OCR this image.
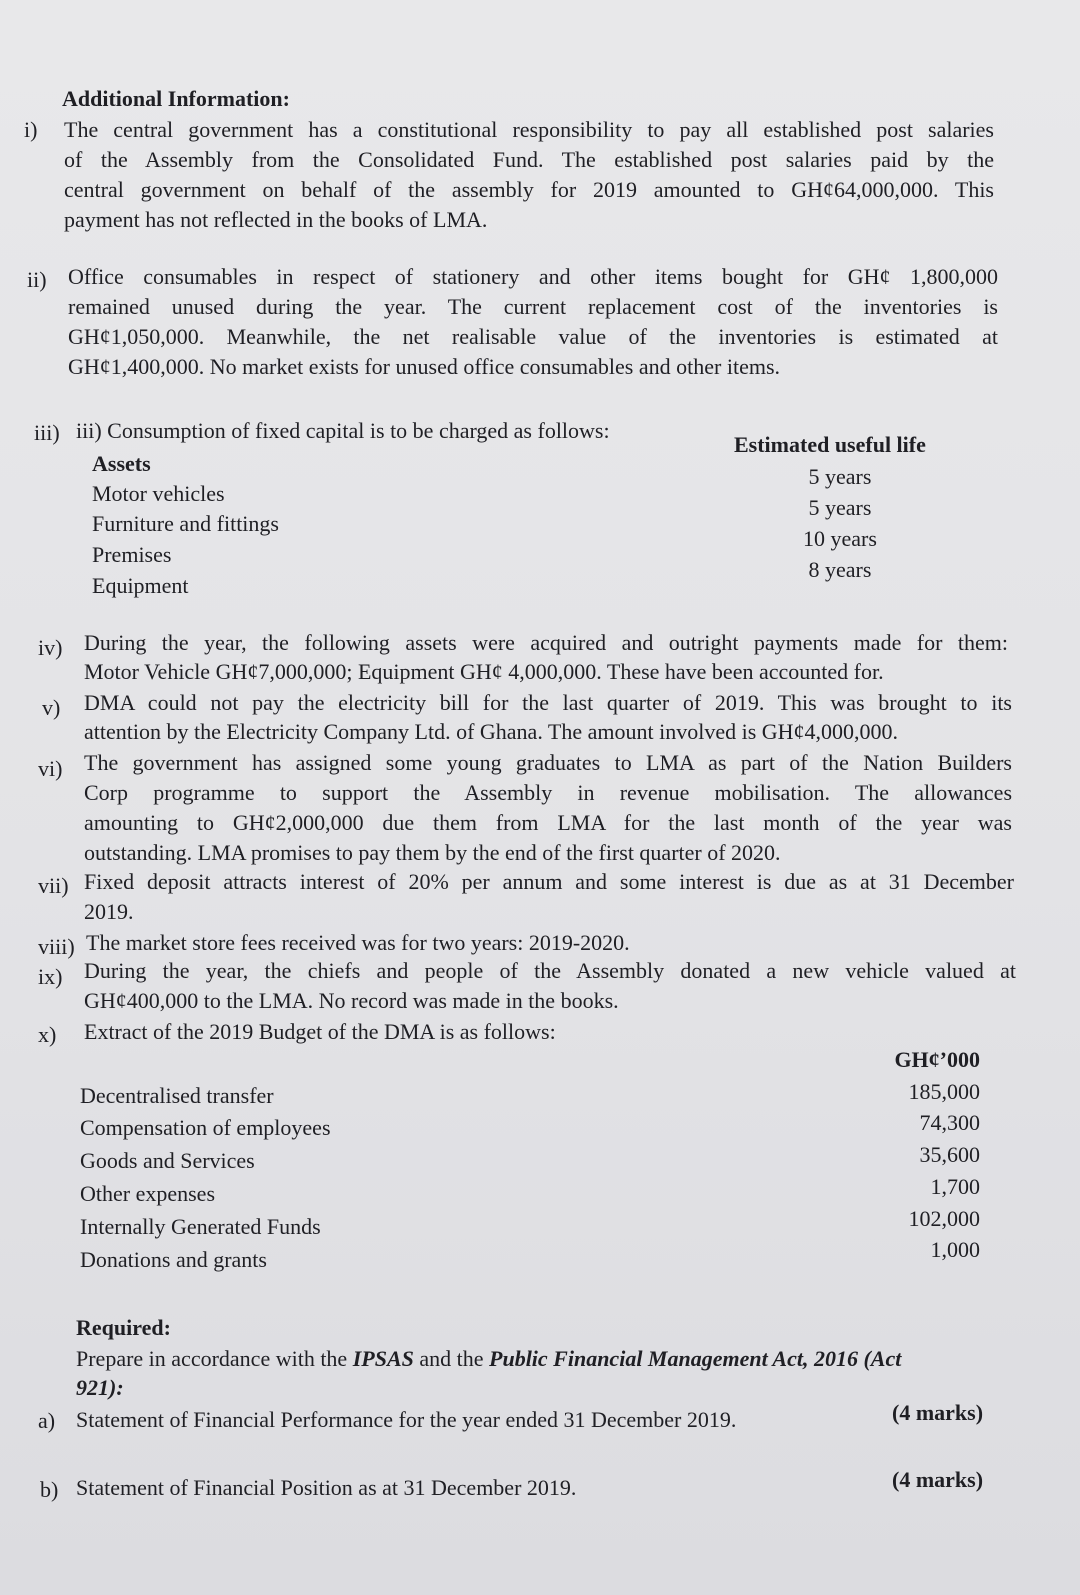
Additional Information:
i) The central government has a constitutional responsibility to pay all established post salaries
of the Assembly from the Consolidated Fund. The established post salaries paid by the
central government on behalf of the assembly for 2019 amounted to GH¢64,000,000. This
payment has not reflected in the books of LMA.
ii) Office consumables in respect of stationery and other items bought for GH¢ 1,800,000
remained unused during the year. The current replacement cost of the inventories is
GH¢1,050,000. Meanwhile, the net realisable value of the inventories is estimated at
GH¢1,400,000. No market exists for unused office consumables and other items.
iii) iii) Consumption of fixed capital is to be charged as follows:
Assets
Estimated useful life
Motor vehicles
Furniture and fittings
Premises
Equipment
5 years
5 years
10 years
8 years
iv) During the year, the following assets were acquired and outright payments made for them:
Motor Vehicle GH¢7,000,000; Equipment GH¢ 4,000,000. These have been accounted for.
v) DMA could not pay the electricity bill for the last quarter of 2019. This was brought to its
attention by the Electricity Company Ltd. of Ghana. The amount involved is GH¢4,000,000.
vi) The government has assigned some young graduates to LMA as part of the Nation Builders
Corp programme to support the Assembly in revenue mobilisation. The allowances
amounting to GH¢2,000,000 due them from LMA for the last month of the year was
outstanding. LMA promises to pay them by the end of the first quarter of 2020.
vii) Fixed deposit attracts interest of 20% per annum and some interest is due as at 31 December
2019.
viii) The market store fees received was for two years: 2019-2020.
ix) During the year, the chiefs and people of the Assembly donated a new vehicle valued at
GH¢400,000 to the LMA. No record was made in the books.
x) Extract of the 2019 Budget of the DMA is as follows:
GH¢’000
Decentralised transfer
Compensation of employees
Goods and Services
Other expenses
Internally Generated Funds
Donations and grants
185,000
74,300
35,600
1,700
102,000
1,000
Required:
Prepare in accordance with the IPSAS and the Public Financial Management Act, 2016 (Act
921):
a) Statement of Financial Performance for the year ended 31 December 2019.	(4 marks)
b) Statement of Financial Position as at 31 December 2019.	(4 marks)
